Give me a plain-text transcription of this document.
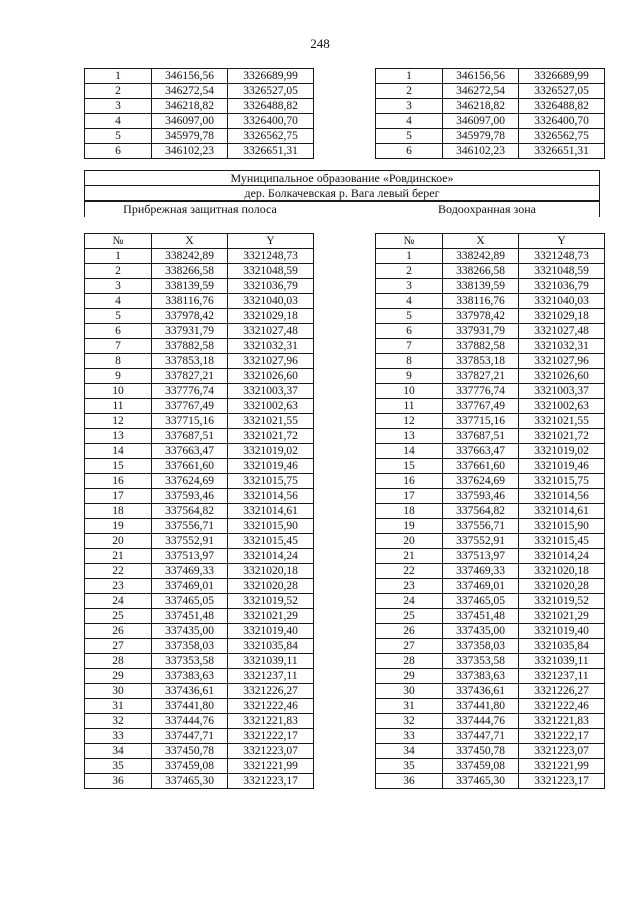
248
1	346156,56	3326689,99
2	346272,54	3326527,05
3	346218,82	3326488,82
4	346097,00	3326400,70
5	345979,78	3326562,75
6	346102,23	3326651,31
1	346156,56	3326689,99
2	346272,54	3326527,05
3	346218,82	3326488,82
4	346097,00	3326400,70
5	345979,78	3326562,75
6	346102,23	3326651,31
Муниципальное образование «Ровдинское»
дер. Болкачевская р. Вага левый берег
Прибрежная защитная полоса	Водоохранная зона
№	X	Y
1	338242,89	3321248,73
2	338266,58	3321048,59
3	338139,59	3321036,79
4	338116,76	3321040,03
5	337978,42	3321029,18
6	337931,79	3321027,48
7	337882,58	3321032,31
8	337853,18	3321027,96
9	337827,21	3321026,60
10	337776,74	3321003,37
11	337767,49	3321002,63
12	337715,16	3321021,55
13	337687,51	3321021,72
14	337663,47	3321019,02
15	337661,60	3321019,46
16	337624,69	3321015,75
17	337593,46	3321014,56
18	337564,82	3321014,61
19	337556,71	3321015,90
20	337552,91	3321015,45
21	337513,97	3321014,24
22	337469,33	3321020,18
23	337469,01	3321020,28
24	337465,05	3321019,52
25	337451,48	3321021,29
26	337435,00	3321019,40
27	337358,03	3321035,84
28	337353,58	3321039,11
29	337383,63	3321237,11
30	337436,61	3321226,27
31	337441,80	3321222,46
32	337444,76	3321221,83
33	337447,71	3321222,17
34	337450,78	3321223,07
35	337459,08	3321221,99
36	337465,30	3321223,17
№	X	Y
1	338242,89	3321248,73
2	338266,58	3321048,59
3	338139,59	3321036,79
4	338116,76	3321040,03
5	337978,42	3321029,18
6	337931,79	3321027,48
7	337882,58	3321032,31
8	337853,18	3321027,96
9	337827,21	3321026,60
10	337776,74	3321003,37
11	337767,49	3321002,63
12	337715,16	3321021,55
13	337687,51	3321021,72
14	337663,47	3321019,02
15	337661,60	3321019,46
16	337624,69	3321015,75
17	337593,46	3321014,56
18	337564,82	3321014,61
19	337556,71	3321015,90
20	337552,91	3321015,45
21	337513,97	3321014,24
22	337469,33	3321020,18
23	337469,01	3321020,28
24	337465,05	3321019,52
25	337451,48	3321021,29
26	337435,00	3321019,40
27	337358,03	3321035,84
28	337353,58	3321039,11
29	337383,63	3321237,11
30	337436,61	3321226,27
31	337441,80	3321222,46
32	337444,76	3321221,83
33	337447,71	3321222,17
34	337450,78	3321223,07
35	337459,08	3321221,99
36	337465,30	3321223,17
